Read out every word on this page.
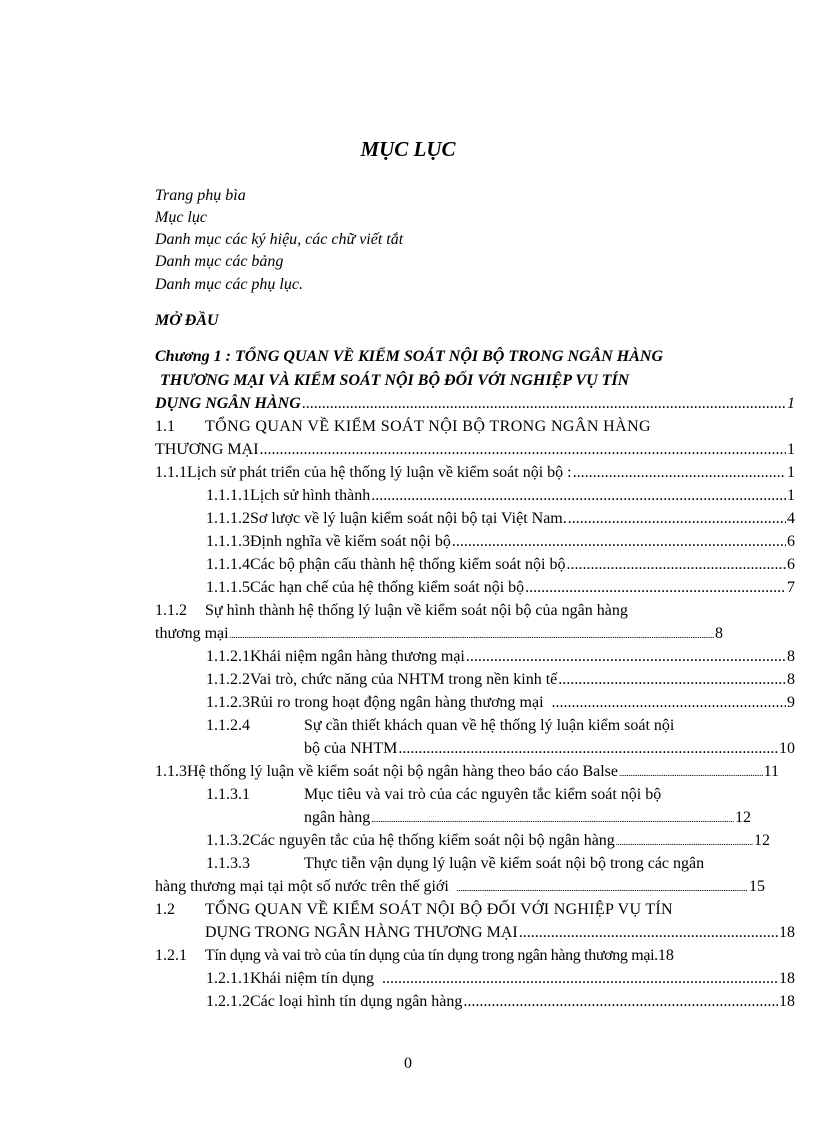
MỤC LỤC
Trang phụ bìa
Mục lục
Danh mục các ký hiệu, các chữ viết tắt
Danh mục các bảng
Danh mục các phụ lục.
MỞ ĐẦU
Chương 1 : TỔNG QUAN VỀ KIỂM SOÁT NỘI BỘ TRONG NGÂN HÀNG
THƯƠNG MẠI VÀ KIỂM SOÁT NỘI BỘ ĐỐI VỚI NGHIỆP VỤ TÍN
DỤNG NGÂN HÀNG .....	1
1.1	TỔNG QUAN VỀ KIỂM SOÁT NỘI BỘ TRONG NGÂN HÀNG
THƯƠNG MẠI .....	1
1.1.1 Lịch sử phát triển của hệ thống lý luận về kiểm soát nội bộ : .....	1
1.1.1.1 Lịch sử hình thành .....	1
1.1.1.2 Sơ lược về lý luận kiểm soát nội bộ tại Việt Nam. .....	4
1.1.1.3 Định nghĩa về kiểm soát nội bộ .....	6
1.1.1.4 Các bộ phận cấu thành hệ thống kiểm soát nội bộ .....	6
1.1.1.5 Các hạn chế của hệ thống kiểm soát nội bộ .....	7
1.1.2	Sự hình thành hệ thống lý luận về kiểm soát nội bộ của ngân hàng
thương mại .....	8
1.1.2.1 Khái niệm ngân hàng thương mại .....	8
1.1.2.2 Vai trò, chức năng của NHTM trong nền kinh tế .....	8
1.1.2.3 Rủi ro trong hoạt động ngân hàng thương mại .....	9
1.1.2.4	Sự cần thiết khách quan về hệ thống lý luận kiểm soát nội
bộ của NHTM .....	10
1.1.3 Hệ thống lý luận về kiểm soát nội bộ ngân hàng theo báo cáo Balse .....	11
1.1.3.1	Mục tiêu và vai trò của các nguyên tắc kiểm soát nội bộ
ngân hàng .....	12
1.1.3.2 Các nguyên tắc của hệ thống kiểm soát nội bộ ngân hàng .....	12
1.1.3.3	Thực tiễn vận dụng lý luận về kiểm soát nội bộ trong các ngân
hàng thương mại tại một số nước trên thế giới .....	15
1.2	TỔNG QUAN VỀ KIỂM SOÁT NỘI BỘ ĐỐI VỚI NGHIỆP VỤ TÍN
DỤNG TRONG NGÂN HÀNG THƯƠNG MẠI .....	18
1.2.1	Tín dụng và vai trò của tín dụng của tín dụng trong ngân hàng thương mại. 18
1.2.1.1 Khái niệm tín dụng .....	18
1.2.1.2 Các loại hình tín dụng ngân hàng .....	18
0
